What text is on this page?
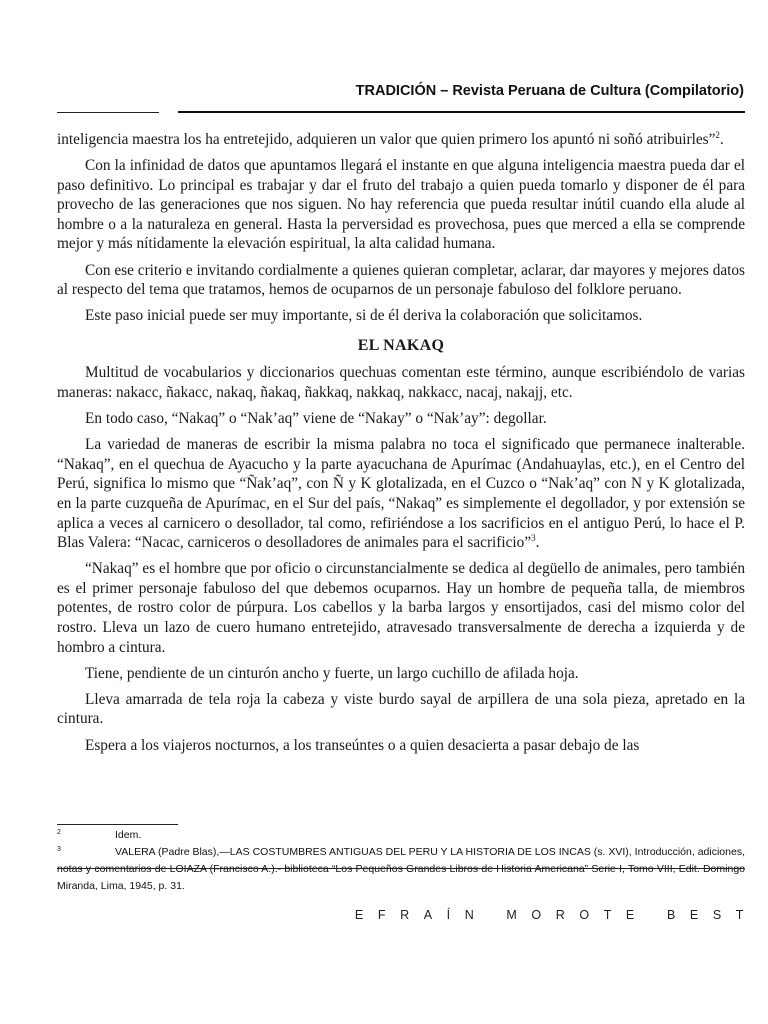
TRADICIÓN – Revista Peruana de Cultura (Compilatorio)

inteligencia maestra los ha entretejido, adquieren un valor que quien primero los apuntó ni soñó atribuirles”$^2$.

Con la infinidad de datos que apuntamos llegará el instante en que alguna inteligencia maestra pueda dar el paso definitivo. Lo principal es trabajar y dar el fruto del trabajo a quien pueda tomarlo y disponer de él para provecho de las generaciones que nos siguen. No hay referencia que pueda resultar inútil cuando ella alude al hombre o a la naturaleza en general. Hasta la perversidad es provechosa, pues que merced a ella se comprende mejor y más nítidamente la elevación espiritual, la alta calidad humana.

Con ese criterio e invitando cordialmente a quienes quieran completar, aclarar, dar mayores y mejores datos al respecto del tema que tratamos, hemos de ocuparnos de un personaje fabuloso del folklore peruano.

Este paso inicial puede ser muy importante, si de él deriva la colaboración que solicitamos.

EL NAKAQ

Multitud de vocabularios y diccionarios quechuas comentan este término, aunque escribiéndolo de varias maneras: nakacc, ñakacc, nakaq, ñakaq, ñakkaq, nakkaq, nakkacc, nacaj, nakajj, etc.

En todo caso, “Nakaq” o “Nak’aq” viene de “Nakay” o “Nak’ay”: degollar.

La variedad de maneras de escribir la misma palabra no toca el significado que permanece inalterable. “Nakaq”, en el quechua de Ayacucho y la parte ayacuchana de Apurímac (Andahuaylas, etc.), en el Centro del Perú, significa lo mismo que “Ñak’aq”, con Ñ y K glotalizada, en el Cuzco o “Nak’aq” con N y K glotalizada, en la parte cuzqueña de Apurímac, en el Sur del país, “Nakaq” es simplemente el degollador, y por extensión se aplica a veces al carnicero o desollador, tal como, refiriéndose a los sacrificios en el antiguo Perú, lo hace el P. Blas Valera: “Nacac, carniceros o desolladores de animales para el sacrificio”$^3$.

“Nakaq” es el hombre que por oficio o circunstancialmente se dedica al degüello de animales, pero también es el primer personaje fabuloso del que debemos ocuparnos. Hay un hombre de pequeña talla, de miembros potentes, de rostro color de púrpura. Los cabellos y la barba largos y ensortijados, casi del mismo color del rostro. Lleva un lazo de cuero humano entretejido, atravesado transversalmente de derecha a izquierda y de hombro a cintura.

Tiene, pendiente de un cinturón ancho y fuerte, un largo cuchillo de afilada hoja.

Lleva amarrada de tela roja la cabeza y viste burdo sayal de arpillera de una sola pieza, apretado en la cintura.

Espera a los viajeros nocturnos, a los transeúntes o a quien desacierta a pasar debajo de las

2	Idem.

3	VALERA (Padre Blas),—LAS COSTUMBRES ANTIGUAS DEL PERU Y LA HISTORIA DE LOS INCAS (s. XVI), Introducción, adiciones, notas y comentarios de LOIAZA (Francisco A.).- biblioteca “Los Pequeños Grandes Libros de Historia Americana” Serie I, Tomo VIII, Edit. Domingo Miranda, Lima, 1945, p. 31.

EFRAÍN MOROTE BEST
